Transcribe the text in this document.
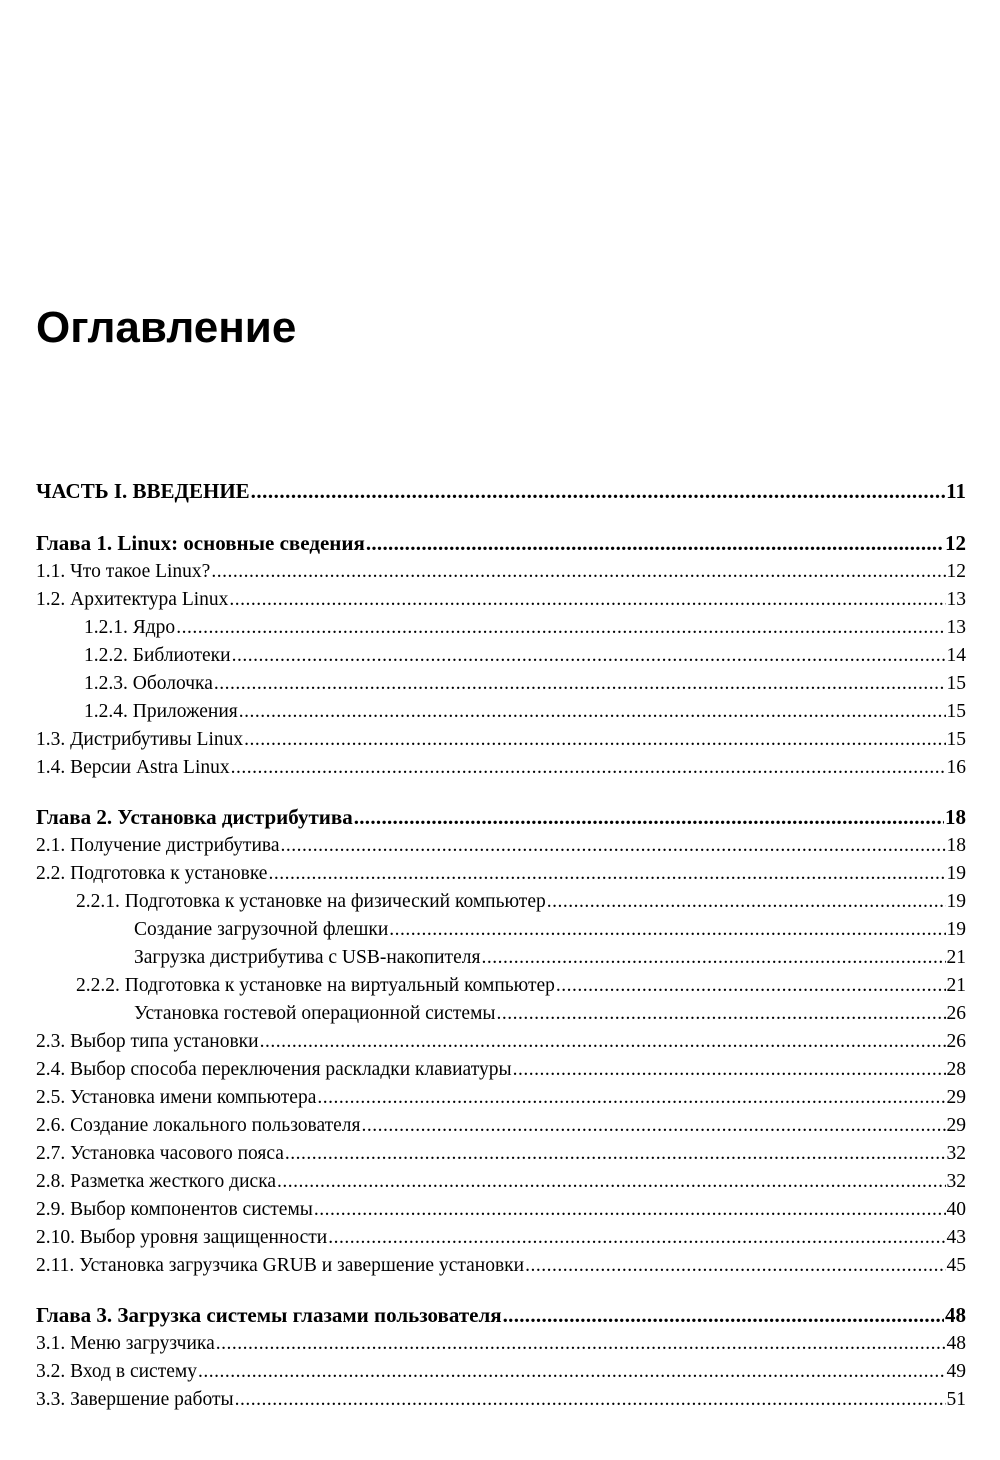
Оглавление
ЧАСТЬ I. ВВЕДЕНИЕ .....	11
Глава 1. Linux: основные сведения .....	12
1.1. Что такое Linux? .....	12
1.2. Архитектура Linux .....	13
1.2.1. Ядро .....	13
1.2.2. Библиотеки .....	14
1.2.3. Оболочка .....	15
1.2.4. Приложения .....	15
1.3. Дистрибутивы Linux .....	15
1.4. Версии Astra Linux .....	16
Глава 2. Установка дистрибутива .....	18
2.1. Получение дистрибутива .....	18
2.2. Подготовка к установке .....	19
2.2.1. Подготовка к установке на физический компьютер .....	19
Создание загрузочной флешки .....	19
Загрузка дистрибутива с USB-накопителя .....	21
2.2.2. Подготовка к установке на виртуальный компьютер .....	21
Установка гостевой операционной системы .....	26
2.3. Выбор типа установки .....	26
2.4. Выбор способа переключения раскладки клавиатуры .....	28
2.5. Установка имени компьютера .....	29
2.6. Создание локального пользователя .....	29
2.7. Установка часового пояса .....	32
2.8. Разметка жесткого диска .....	32
2.9. Выбор компонентов системы .....	40
2.10. Выбор уровня защищенности .....	43
2.11. Установка загрузчика GRUB и завершение установки .....	45
Глава 3. Загрузка системы глазами пользователя .....	48
3.1. Меню загрузчика .....	48
3.2. Вход в систему .....	49
3.3. Завершение работы .....	51
